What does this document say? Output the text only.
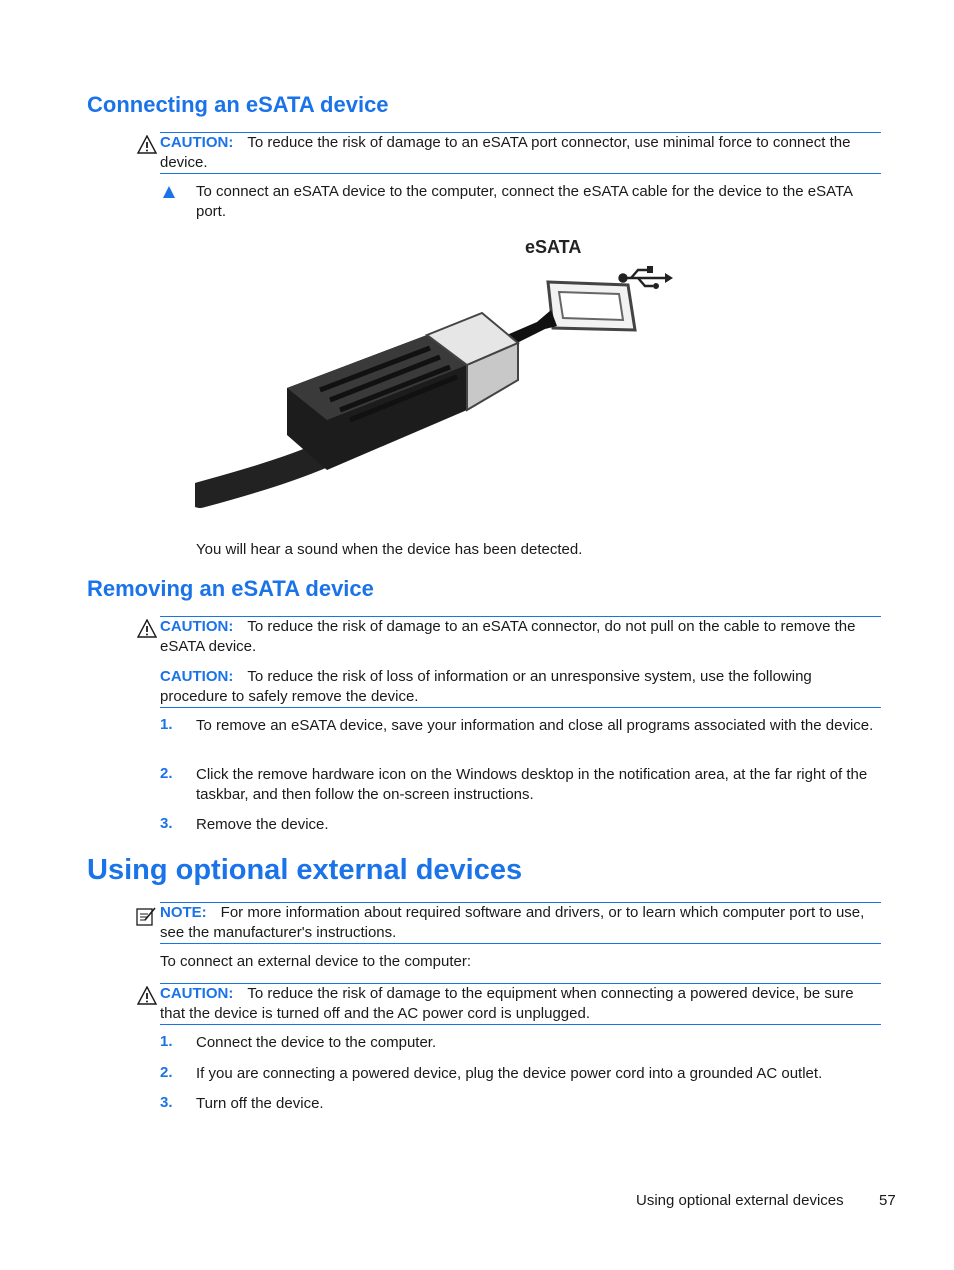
Connecting an eSATA device
CAUTION: To reduce the risk of damage to an eSATA port connector, use minimal force to connect the device.
To connect an eSATA device to the computer, connect the eSATA cable for the device to the eSATA port.
eSATA
You will hear a sound when the device has been detected.
Removing an eSATA device
CAUTION: To reduce the risk of damage to an eSATA connector, do not pull on the cable to remove the eSATA device.
CAUTION: To reduce the risk of loss of information or an unresponsive system, use the following procedure to safely remove the device.
1. To remove an eSATA device, save your information and close all programs associated with the device.
2. Click the remove hardware icon on the Windows desktop in the notification area, at the far right of the taskbar, and then follow the on-screen instructions.
3. Remove the device.
Using optional external devices
NOTE: For more information about required software and drivers, or to learn which computer port to use, see the manufacturer's instructions.
To connect an external device to the computer:
CAUTION: To reduce the risk of damage to the equipment when connecting a powered device, be sure that the device is turned off and the AC power cord is unplugged.
1. Connect the device to the computer.
2. If you are connecting a powered device, plug the device power cord into a grounded AC outlet.
3. Turn off the device.
Using optional external devices 57
